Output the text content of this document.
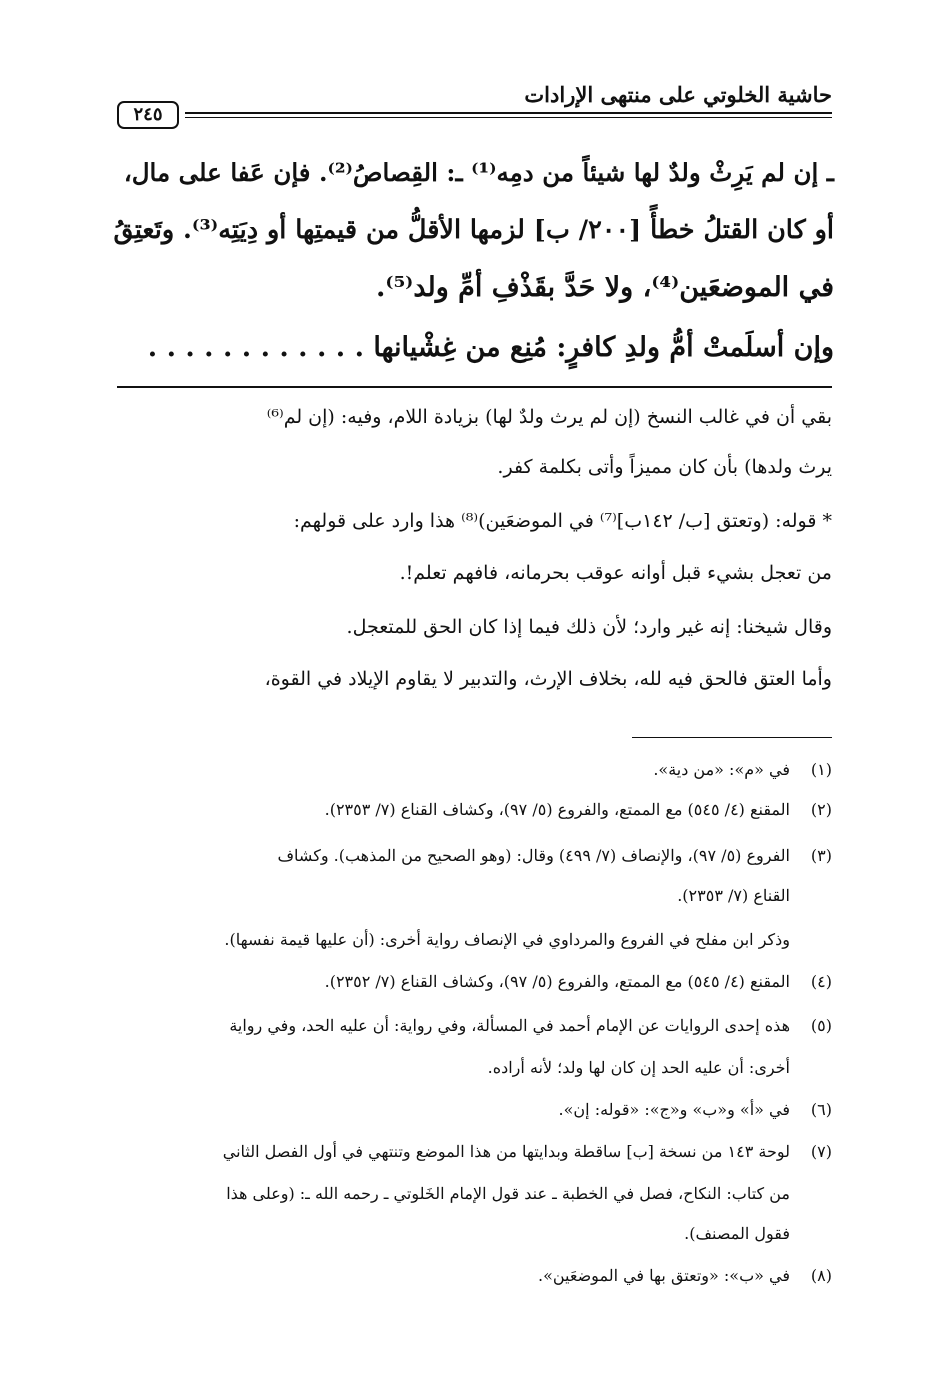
حاشية الخلوتي على منتهى الإرادات
٢٤٥
ـ إن لم يَرِثْ ولدٌ لها شيئاً من دمِه⁽¹⁾ ـ: القِصاصُ⁽²⁾. فإن عَفا على مال،
أو كان القتلُ خطأً [٢٠٠/ ب] لزمها الأقلُّ من قيمتِها أو دِيَتِه⁽³⁾. وتَعتِقُ
في الموضعَين⁽⁴⁾، ولا حَدَّ بقَذْفِ أمِّ ولد⁽⁵⁾.
وإن أسلَمتْ أمُّ ولدِ كافرٍ: مُنِع من غِشْيانها . . . . . . . . . . . .
بقي أن في غالب النسخ (إن لم يرث ولدٌ لها) بزيادة اللام، وفيه: (إن لم⁽⁶⁾
يرث ولدها) بأن كان مميزاً وأتى بكلمة كفر.
* قوله: (وتعتق [ب/ ١٤٢ب]⁽⁷⁾ في الموضعَين)⁽⁸⁾ هذا وارد على قولهم:
من تعجل بشيء قبل أوانه عوقب بحرمانه، فافهم تعلم!.
وقال شيخنا: إنه غير وارد؛ لأن ذلك فيما إذا كان الحق للمتعجل.
وأما العتق فالحق فيه لله، بخلاف الإرث، والتدبير لا يقاوم الإيلاد في القوة،
(١)في «م»: «من دية».
(٢)المقنع (٤/ ٥٤٥) مع الممتع، والفروع (٥/ ٩٧)، وكشاف القناع (٧/ ٢٣٥٣).
(٣)الفروع (٥/ ٩٧)، والإنصاف (٧/ ٤٩٩) وقال: (وهو الصحيح من المذهب). وكشاف
القناع (٧/ ٢٣٥٣).
وذكر ابن مفلح في الفروع والمرداوي في الإنصاف رواية أخرى: (أن عليها قيمة نفسها).
(٤)المقنع (٤/ ٥٤٥) مع الممتع، والفروع (٥/ ٩٧)، وكشاف القناع (٧/ ٢٣٥٢).
(٥)هذه إحدى الروايات عن الإمام أحمد في المسألة، وفي رواية: أن عليه الحد، وفي رواية
أخرى: أن عليه الحد إن كان لها ولد؛ لأنه أراده.
(٦)في «أ» و«ب» و«ج»: «قوله: إن».
(٧)لوحة ١٤٣ من نسخة [ب] ساقطة وبدايتها من هذا الموضع وتنتهي في أول الفصل الثاني
من كتاب: النكاح، فصل في الخطبة ـ عند قول الإمام الخَلوتي ـ رحمه الله ـ: (وعلى هذا
فقول المصنف).
(٨)في «ب»: «وتعتق بها في الموضعَين».
